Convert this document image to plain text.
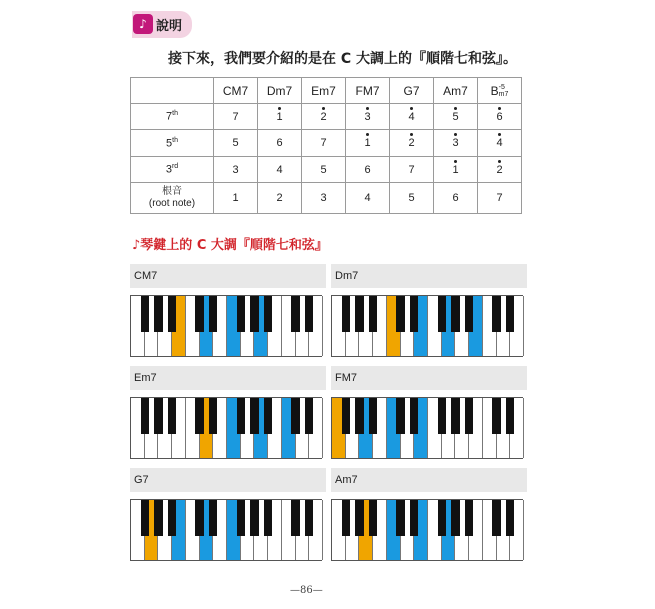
♪ 說明
接下來，我們要介紹的是在 C 大調上的『順階七和弦』。
	CM7	Dm7	Em7	FM7	G7	Am7	B-5
m7
7th	7	1	2	3	4	5	6
5th	5	6	7	1	2	3	4
3rd	3	4	5	6	7	1	2
根音
(root note)	1	2	3	4	5	6	7
♪琴鍵上的 C 大調『順階七和弦』
CM7	Dm7
Em7	FM7
G7	Am7
—86—
